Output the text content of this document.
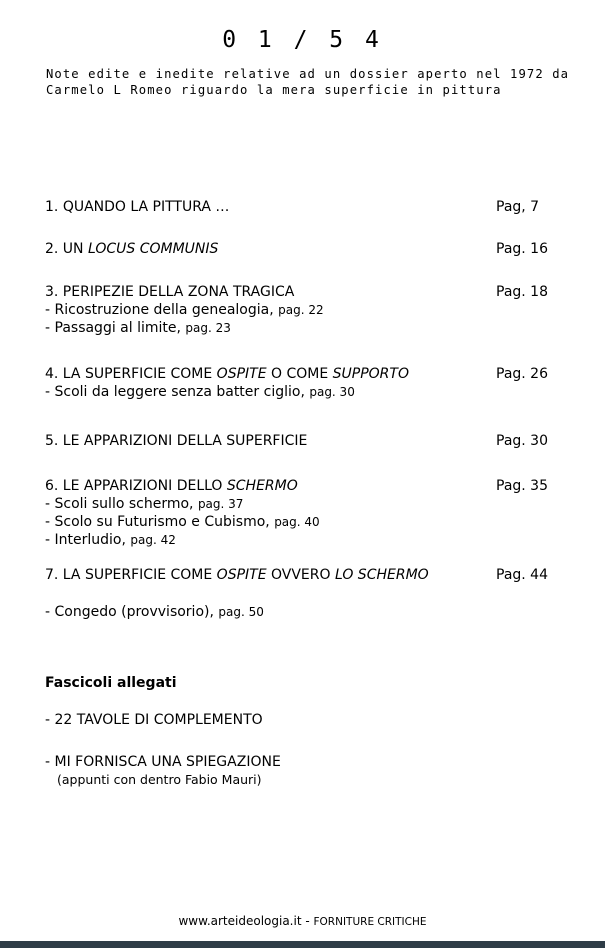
0 1 / 5 4
Note edite e inedite relative ad un dossier aperto nel 1972 da
Carmelo L Romeo riguardo la mera superficie in pittura
1. QUANDO LA PITTURA …	Pag, 7
2. UN LOCUS COMMUNIS	Pag. 16
3. PERIPEZIE DELLA ZONA TRAGICA	Pag. 18
- Ricostruzione della genealogia, pag. 22
- Passaggi al limite, pag. 23
4. LA SUPERFICIE COME OSPITE O COME SUPPORTO	Pag. 26
- Scoli da leggere senza batter ciglio, pag. 30
5. LE APPARIZIONI DELLA SUPERFICIE	Pag. 30
6. LE APPARIZIONI DELLO SCHERMO	Pag. 35
- Scoli sullo schermo, pag. 37
- Scolo su Futurismo e Cubismo, pag. 40
- Interludio, pag. 42
7. LA SUPERFICIE COME OSPITE OVVERO LO SCHERMO	Pag. 44
- Congedo (provvisorio), pag. 50
Fascicoli allegati
- 22 TAVOLE DI COMPLEMENTO
- MI FORNISCA UNA SPIEGAZIONE
(appunti con dentro Fabio Mauri)
www.arteideologia.it - FORNITURE CRITICHE
